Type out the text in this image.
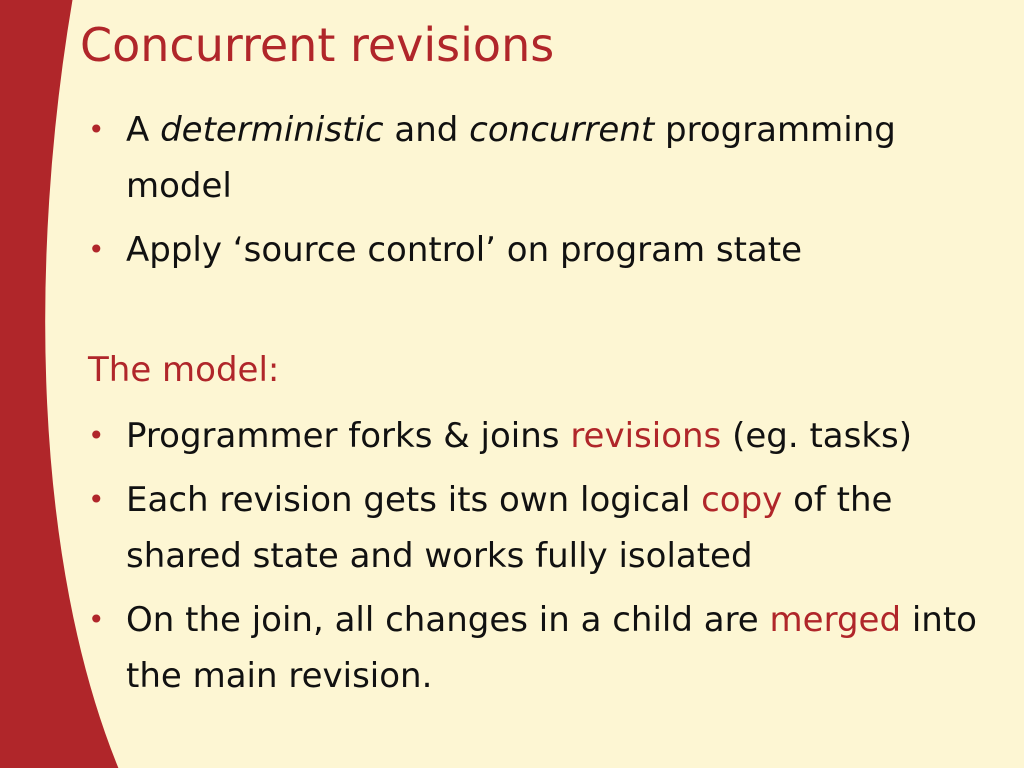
Concurrent revisions
• A deterministic and concurrent programming model
• Apply ‘source control’ on program state
The model:
• Programmer forks & joins revisions (eg. tasks)
• Each revision gets its own logical copy of the shared state and works fully isolated
• On the join, all changes in a child are merged into the main revision.
